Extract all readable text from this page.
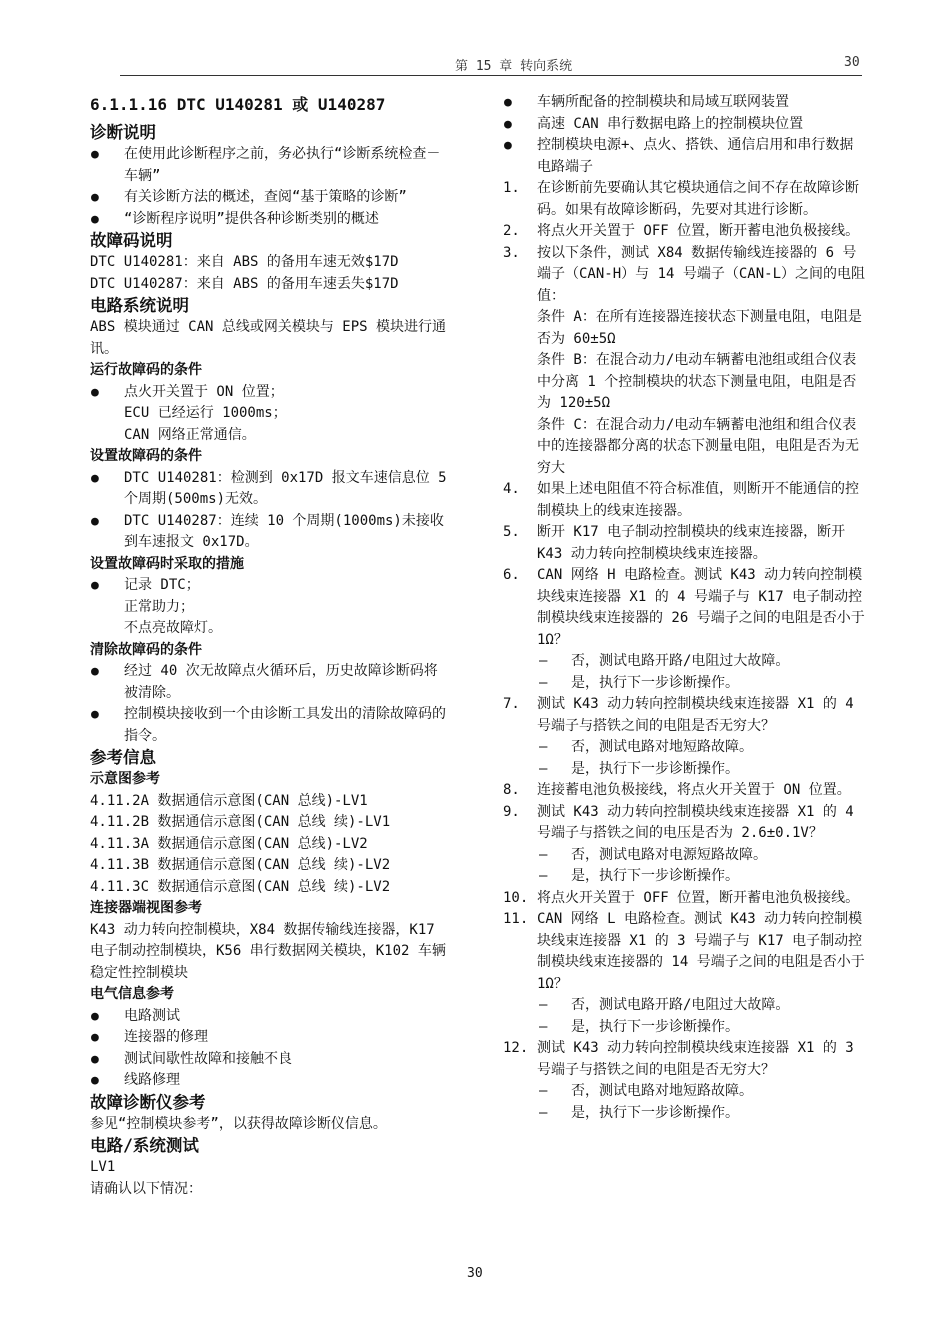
第 15 章 转向系统	30
6.1.1.16 DTC U140281 或 U140287
诊断说明
● 在使用此诊断程序之前，务必执行“诊断系统检查－车辆”
● 有关诊断方法的概述，查阅“基于策略的诊断”
● “诊断程序说明”提供各种诊断类别的概述
故障码说明
DTC U140281：来自 ABS 的备用车速无效$17D
DTC U140287：来自 ABS 的备用车速丢失$17D
电路系统说明
ABS 模块通过 CAN 总线或网关模块与 EPS 模块进行通讯。
运行故障码的条件
● 点火开关置于 ON 位置；
ECU 已经运行 1000ms；
CAN 网络正常通信。
设置故障码的条件
● DTC U140281：检测到 0x17D 报文车速信息位 5 个周期(500ms)无效。
● DTC U140287：连续 10 个周期(1000ms)未接收到车速报文 0x17D。
设置故障码时采取的措施
● 记录 DTC；
正常助力；
不点亮故障灯。
清除故障码的条件
● 经过 40 次无故障点火循环后，历史故障诊断码将被清除。
● 控制模块接收到一个由诊断工具发出的清除故障码的指令。
参考信息
示意图参考
4.11.2A 数据通信示意图(CAN 总线)-LV1
4.11.2B 数据通信示意图(CAN 总线 续)-LV1
4.11.3A 数据通信示意图(CAN 总线)-LV2
4.11.3B 数据通信示意图(CAN 总线 续)-LV2
4.11.3C 数据通信示意图(CAN 总线 续)-LV2
连接器端视图参考
K43 动力转向控制模块，X84 数据传输线连接器，K17 电子制动控制模块，K56 串行数据网关模块，K102 车辆稳定性控制模块
电气信息参考
● 电路测试
● 连接器的修理
● 测试间歇性故障和接触不良
● 线路修理
故障诊断仪参考
参见“控制模块参考”，以获得故障诊断仪信息。
电路/系统测试
LV1
请确认以下情况：
● 车辆所配备的控制模块和局域互联网装置
● 高速 CAN 串行数据电路上的控制模块位置
● 控制模块电源+、点火、搭铁、通信启用和串行数据电路端子
1. 在诊断前先要确认其它模块通信之间不存在故障诊断码。如果有故障诊断码，先要对其进行诊断。
2. 将点火开关置于 OFF 位置，断开蓄电池负极接线。
3. 按以下条件，测试 X84 数据传输线连接器的 6 号端子（CAN-H）与 14 号端子（CAN-L）之间的电阻值：
条件 A：在所有连接器连接状态下测量电阻，电阻是否为 60±5Ω
条件 B：在混合动力/电动车辆蓄电池组或组合仪表中分离 1 个控制模块的状态下测量电阻，电阻是否为 120±5Ω
条件 C：在混合动力/电动车辆蓄电池组和组合仪表中的连接器都分离的状态下测量电阻，电阻是否为无穷大
4. 如果上述电阻值不符合标准值，则断开不能通信的控制模块上的线束连接器。
5. 断开 K17 电子制动控制模块的线束连接器，断开 K43 动力转向控制模块线束连接器。
6. CAN 网络 H 电路检查。测试 K43 动力转向控制模块线束连接器 X1 的 4 号端子与 K17 电子制动控制模块线束连接器的 26 号端子之间的电阻是否小于 1Ω？
— 否，测试电路开路/电阻过大故障。
— 是，执行下一步诊断操作。
7. 测试 K43 动力转向控制模块线束连接器 X1 的 4 号端子与搭铁之间的电阻是否无穷大？
— 否，测试电路对地短路故障。
— 是，执行下一步诊断操作。
8. 连接蓄电池负极接线，将点火开关置于 ON 位置。
9. 测试 K43 动力转向控制模块线束连接器 X1 的 4 号端子与搭铁之间的电压是否为 2.6±0.1V？
— 否，测试电路对电源短路故障。
— 是，执行下一步诊断操作。
10. 将点火开关置于 OFF 位置，断开蓄电池负极接线。
11. CAN 网络 L 电路检查。测试 K43 动力转向控制模块线束连接器 X1 的 3 号端子与 K17 电子制动控制模块线束连接器的 14 号端子之间的电阻是否小于 1Ω？
— 否，测试电路开路/电阻过大故障。
— 是，执行下一步诊断操作。
12. 测试 K43 动力转向控制模块线束连接器 X1 的 3 号端子与搭铁之间的电阻是否无穷大？
— 否，测试电路对地短路故障。
— 是，执行下一步诊断操作。
30
